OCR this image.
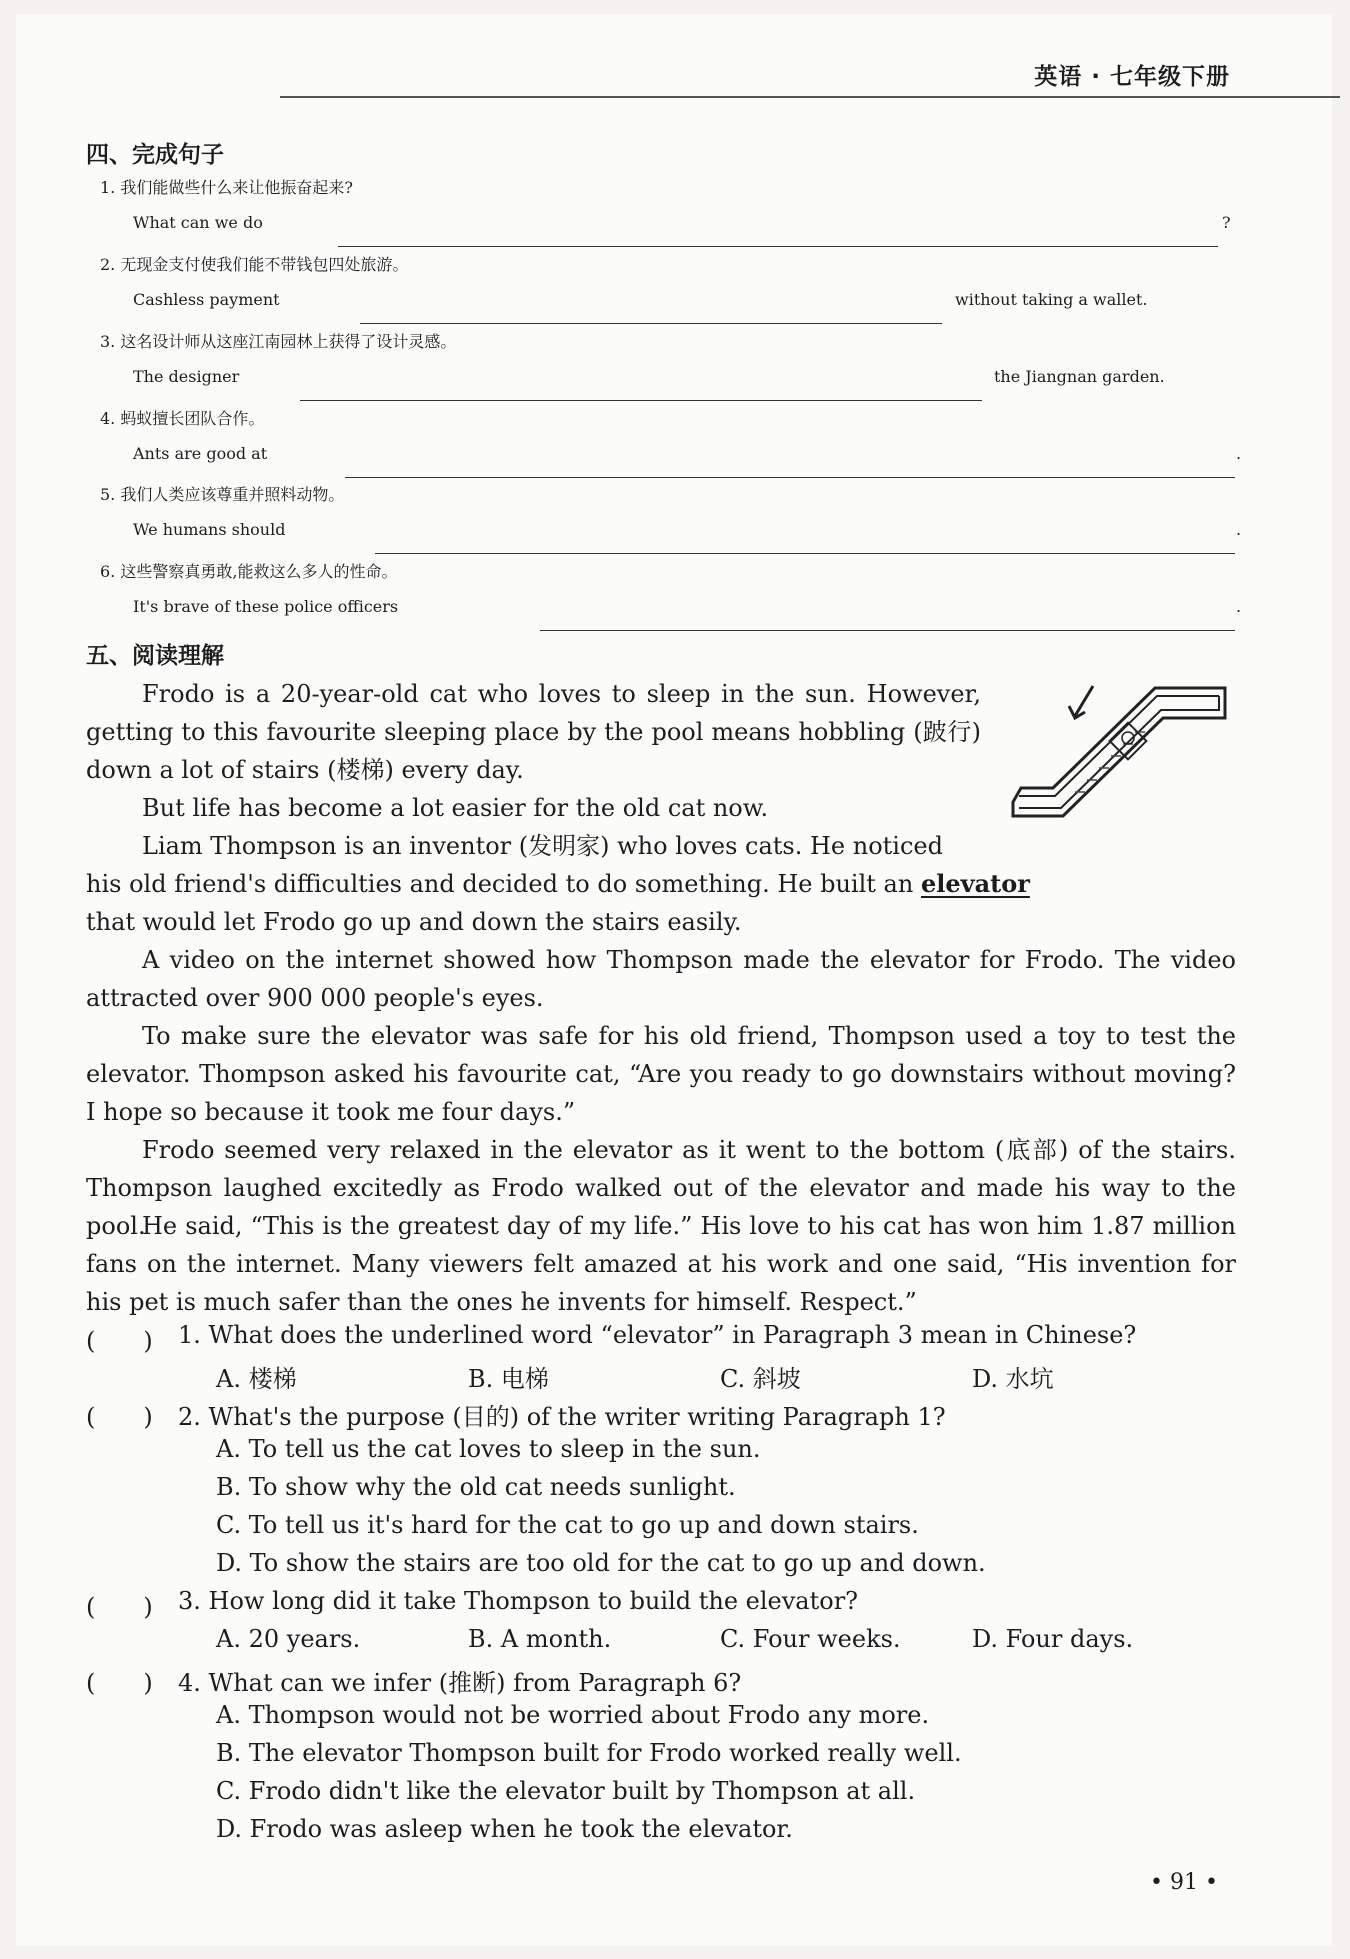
英语 · 七年级下册
四、完成句子
1. 我们能做些什么来让他振奋起来?
What can we do	?
2. 无现金支付使我们能不带钱包四处旅游。
Cashless payment	without taking a wallet.
3. 这名设计师从这座江南园林上获得了设计灵感。
The designer	the Jiangnan garden.
4. 蚂蚁擅长团队合作。
Ants are good at	.
5. 我们人类应该尊重并照料动物。
We humans should	.
6. 这些警察真勇敢,能救这么多人的性命。
It's brave of these police officers	.
五、阅读理解
Frodo is a 20-year-old cat who loves to sleep in the sun. However, getting to this favourite sleeping place by the pool means hobbling (跛行) down a lot of stairs (楼梯) every day.
But life has become a lot easier for the old cat now.
Liam Thompson is an inventor (发明家) who loves cats. He noticed
his old friend's difficulties and decided to do something. He built an elevator
that would let Frodo go up and down the stairs easily.
A video on the internet showed how Thompson made the elevator for Frodo. The video attracted over 900 000 people's eyes.
To make sure the elevator was safe for his old friend, Thompson used a toy to test the elevator. Thompson asked his favourite cat, “Are you ready to go downstairs without moving? I hope so because it took me four days.”
Frodo seemed very relaxed in the elevator as it went to the bottom (底部) of the stairs. Thompson laughed excitedly as Frodo walked out of the elevator and made his way to the pool.
He said, “This is the greatest day of my life.” His love to his cat has won him 1.87 million fans on the internet. Many viewers felt amazed at his work and one said, “His invention for his pet is much safer than the ones he invents for himself. Respect.”
(　　) 1. What does the underlined word “elevator” in Paragraph 3 mean in Chinese?
A. 楼梯	B. 电梯	C. 斜坡	D. 水坑
(　　) 2. What's the purpose (目的) of the writer writing Paragraph 1?
A. To tell us the cat loves to sleep in the sun.
B. To show why the old cat needs sunlight.
C. To tell us it's hard for the cat to go up and down stairs.
D. To show the stairs are too old for the cat to go up and down.
(　　) 3. How long did it take Thompson to build the elevator?
A. 20 years.	B. A month.	C. Four weeks.	D. Four days.
(　　) 4. What can we infer (推断) from Paragraph 6?
A. Thompson would not be worried about Frodo any more.
B. The elevator Thompson built for Frodo worked really well.
C. Frodo didn't like the elevator built by Thompson at all.
D. Frodo was asleep when he took the elevator.
• 91 •
